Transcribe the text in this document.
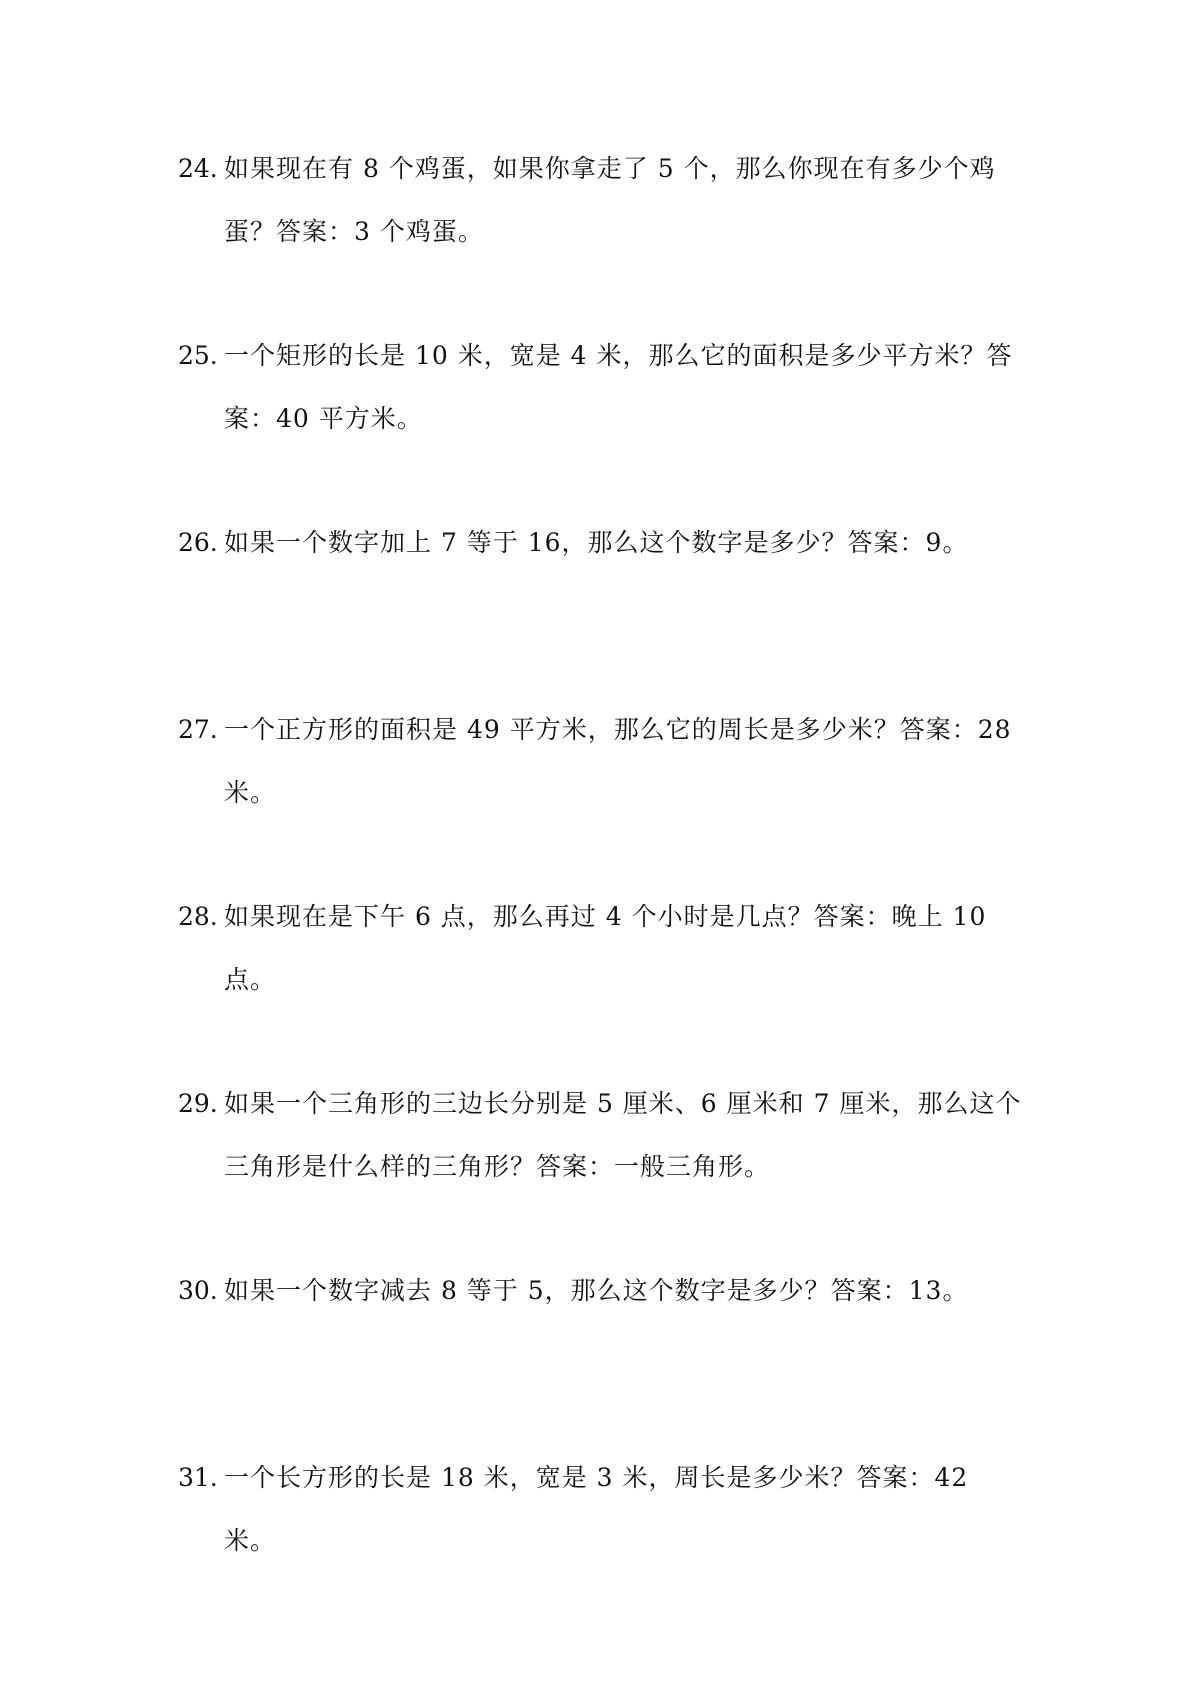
24. 如果现在有 8 个鸡蛋，如果你拿走了 5 个，那么你现在有多少个鸡蛋？答案：3 个鸡蛋。
25. 一个矩形的长是 10 米，宽是 4 米，那么它的面积是多少平方米？答案：40 平方米。
26. 如果一个数字加上 7 等于 16，那么这个数字是多少？答案：9。
27. 一个正方形的面积是 49 平方米，那么它的周长是多少米？答案：28 米。
28. 如果现在是下午 6 点，那么再过 4 个小时是几点？答案：晚上 10 点。
29. 如果一个三角形的三边长分别是 5 厘米、6 厘米和 7 厘米，那么这个三角形是什么样的三角形？答案：一般三角形。
30. 如果一个数字减去 8 等于 5，那么这个数字是多少？答案：13。
31. 一个长方形的长是 18 米，宽是 3 米，周长是多少米？答案：42 米。
